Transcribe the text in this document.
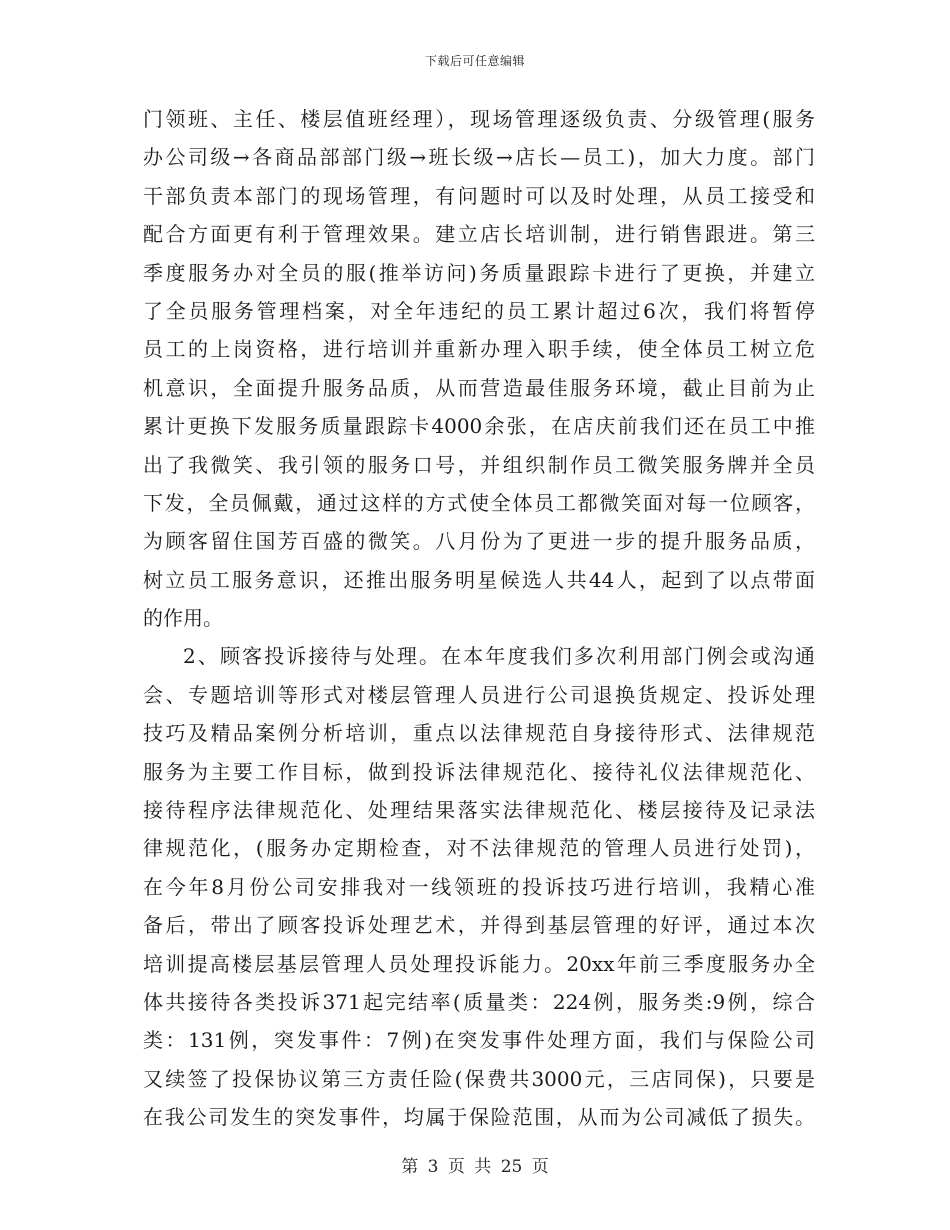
下载后可任意编辑
门领班、主任、楼层值班经理），现场管理逐级负责、分级管理(服务
办公司级→各商品部部门级→班长级→店长—员工)，加大力度。部门
干部负责本部门的现场管理，有问题时可以及时处理，从员工接受和
配合方面更有利于管理效果。建立店长培训制，进行销售跟进。第三
季度服务办对全员的服(推举访问)务质量跟踪卡进行了更换，并建立
了全员服务管理档案，对全年违纪的员工累计超过6次，我们将暂停
员工的上岗资格，进行培训并重新办理入职手续，使全体员工树立危
机意识，全面提升服务品质，从而营造最佳服务环境，截止目前为止
累计更换下发服务质量跟踪卡4000余张，在店庆前我们还在员工中推
出了我微笑、我引领的服务口号，并组织制作员工微笑服务牌并全员
下发，全员佩戴，通过这样的方式使全体员工都微笑面对每一位顾客，
为顾客留住国芳百盛的微笑。八月份为了更进一步的提升服务品质，
树立员工服务意识，还推出服务明星候选人共44人，起到了以点带面
的作用。
2、顾客投诉接待与处理。在本年度我们多次利用部门例会或沟通
会、专题培训等形式对楼层管理人员进行公司退换货规定、投诉处理
技巧及精品案例分析培训，重点以法律规范自身接待形式、法律规范
服务为主要工作目标，做到投诉法律规范化、接待礼仪法律规范化、
接待程序法律规范化、处理结果落实法律规范化、楼层接待及记录法
律规范化，(服务办定期检查，对不法律规范的管理人员进行处罚)，
在今年8月份公司安排我对一线领班的投诉技巧进行培训，我精心准
备后，带出了顾客投诉处理艺术，并得到基层管理的好评，通过本次
培训提高楼层基层管理人员处理投诉能力。20xx年前三季度服务办全
体共接待各类投诉371起完结率(质量类：224例，服务类:9例，综合
类：131例，突发事件：7例)在突发事件处理方面，我们与保险公司
又续签了投保协议第三方责任险(保费共3000元，三店同保)，只要是
在我公司发生的突发事件，均属于保险范围，从而为公司减低了损失。
第 3 页 共 25 页
